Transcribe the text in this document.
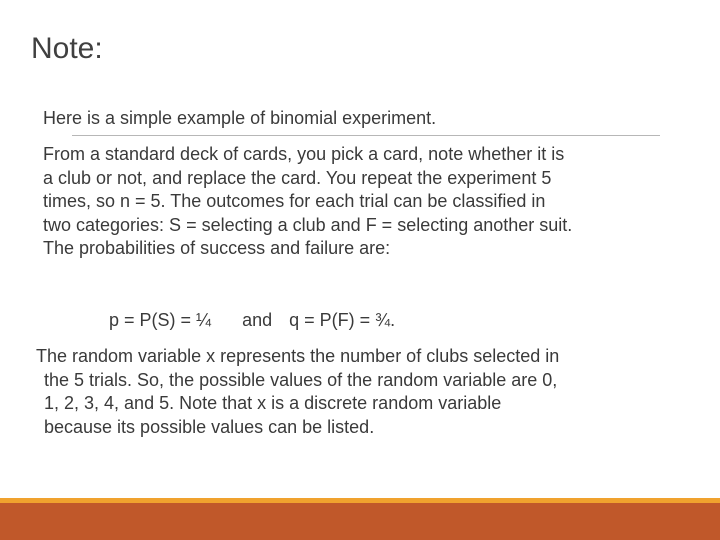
Note:

Here is a simple example of binomial experiment.

From a standard deck of cards, you pick a card, note whether it is
a club or not, and replace the card. You repeat the experiment 5
times, so n = 5. The outcomes for each trial can be classified in
two categories: S = selecting a club and F = selecting another suit.
The probabilities of success and failure are:

p = P(S) = ¼ and q = P(F) = ¾.

The random variable x represents the number of clubs selected in
the 5 trials. So, the possible values of the random variable are 0,
1, 2, 3, 4, and 5. Note that x is a discrete random variable
because its possible values can be listed.
